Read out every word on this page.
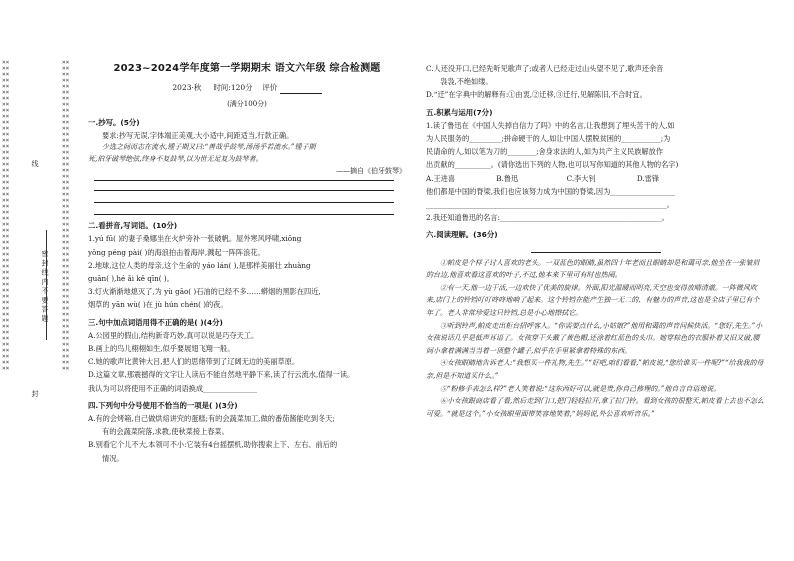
××××××××××××××××××××××××××××××××××××××××××××××××××××××××××××××××××××××××××××××××××××××××××××××××××××××××
线
密 封 线 内 不 要 答 题
封
××××××××××××××××××××××××××××××××××××××××××××××××××××××××××××××××××××××××××××××××××××××××××××××××××××××××
2023~2024学年度第一学期期末 语文六年级 综合检测题
2023·秋 时间:120分 评价
(满分100分)
一.抄写。(5分)

要求:抄写无误,字体端正美观,大小适中,间距适当,行款正确。

少选之间而志在流水,锺子期又曰:“善哉乎鼓琴,汤汤乎若流水。”锺子期

死,伯牙破琴绝弦,终身不复鼓琴,以为世无足复为鼓琴者。

——摘自《伯牙鼓琴》

二.看拼音,写词语。(10分)

1.yú fū( )的妻子桑娜坐在火炉旁补一张破帆。屋外寒风呼啸,xiōng

yǒng péng pài( )的海浪拍击着海岸,溅起一阵阵浪花。

2.地球,这位人类的母亲,这个生命的 yáo lán( ),是那样美丽壮 zhuàng

guān( ),hé ǎi kě qīn( )。

3.灯火渐渐地熄灭了,为 yù gāo( )石油的已经不多……蟒烟的黑影在四近,

烟草的 yān wù( )在 jù hún chén( )的夜。

三.句中加点词语用得不正确的是( )(4分)

A.公园里的假山,结构新奇巧妙,真可以说是巧夺天工。

B.画上的鸟儿栩栩如生,似乎要展翅飞翔一般。

C.她的歌声比黄钟大吕,把人们的思绪带到了辽阔无边的美丽草原。

D.这篇文章,那震撼得的文字让人读后不能自然地平静下来,读了行云流水,值得一读。

我认为可以将使用不正确的词语换成_______________

四.下列句中分号使用不恰当的一项是( )(3分)

A.有的会烤箱,自己做烘焙讲究的蛋糕;有的会蔬菜加工,做的番茄酱能吃到冬天;

有的会蔬菜院落,求教,使秋菜接上春菜。

B.别看它个儿不大,本领可不小:它装有4台摇摆机,助你搜索上下、左右、前后的

情况。

C.人还没开口,已经先听见歌声了;或者人已经走过山头望不见了,歌声还余音

袅袅,不绝如缕。

D.“迁”在字典中的解释有:①由衷,②迁移,③迁行,见解陈旧,不合时宜。

五.积累与运用(7分)

1.读了鲁迅在《中国人失掉自信力了吗》中的名言,让我想到了埋头苦干的人,如

为人民服务的_________;拼命硬干的人,如让中国人摆脱贫困的___________;为

民请命的人,如以笔为刀的________;舍身求法的人,如为共产主义民族解放作

出贡献的__________。(请你选出下列的人物,也可以写你知道的其他人物的名字)

A.王进喜	B.鲁迅	C.李大钊	D.雷锋

他们都是中国的脊梁,我们也应该努力成为中国的脊梁,因为__________________

___________________________________________________________________。

2.我还知道鲁迅的名言:_____________________________________________。

六.阅读理解。(36分)

①帕皮是个样子讨人喜欢的老头。一双蓝色的眼睛,虽然四十年老而且眼睛却是和蔼可亲,他坐在一张皱眉的台边,他喜欢看这喜欢的叶子,不过,他本来下里可有时也热闹。

②有一天,他一边干活,一边欢快了优美的旋律。外面,阳光温暖而明亮,天空也变得放晴清澈。一阵微风吹来,店门上的铃铛叮叮咚咚地响了起来。这个铃铛在能产生独一无二的、有魅力的声音,这也是全店子里已有个年了。老人非常珍爱这只铃铛,总是小心地擦拭它。

③听到铃声,帕皮走出柜台招呼客人。“你需要点什么,小姑娘?”他用和蔼的声音问候快活。“您好,先生。”小女孩说话几乎是低声耳语了。女孩穿干头戴了黄色帽,还涂着红蓝色的头巾。她穿棕色的衣服补着又旧又破,腰间小拿着满满当当着一顶整个罐子,似乎在手里紧拿着特殊的东西。

④女孩眼睛地告诉老人:“我想买一件礼物,先生。”“好吧,咱们看看,”帕皮说,“您给谁买一件呢?”“给我我的母亲,但是不知道买什么。”

⑤“粉修手表怎么样?”老人笑着说:“这东西好可以,就是贵,你自己修理的。”他自言自语地说。

⑥小女孩跟商店看了看,然后走到门口,把门轻轻拉开,拿了拉门铃。看到女孩的很整天,帕皮看上去也不怎么可爱。“就是这个。”小女孩眼里面带笑容地笑着,“妈妈说,外公喜欢听音乐。”
